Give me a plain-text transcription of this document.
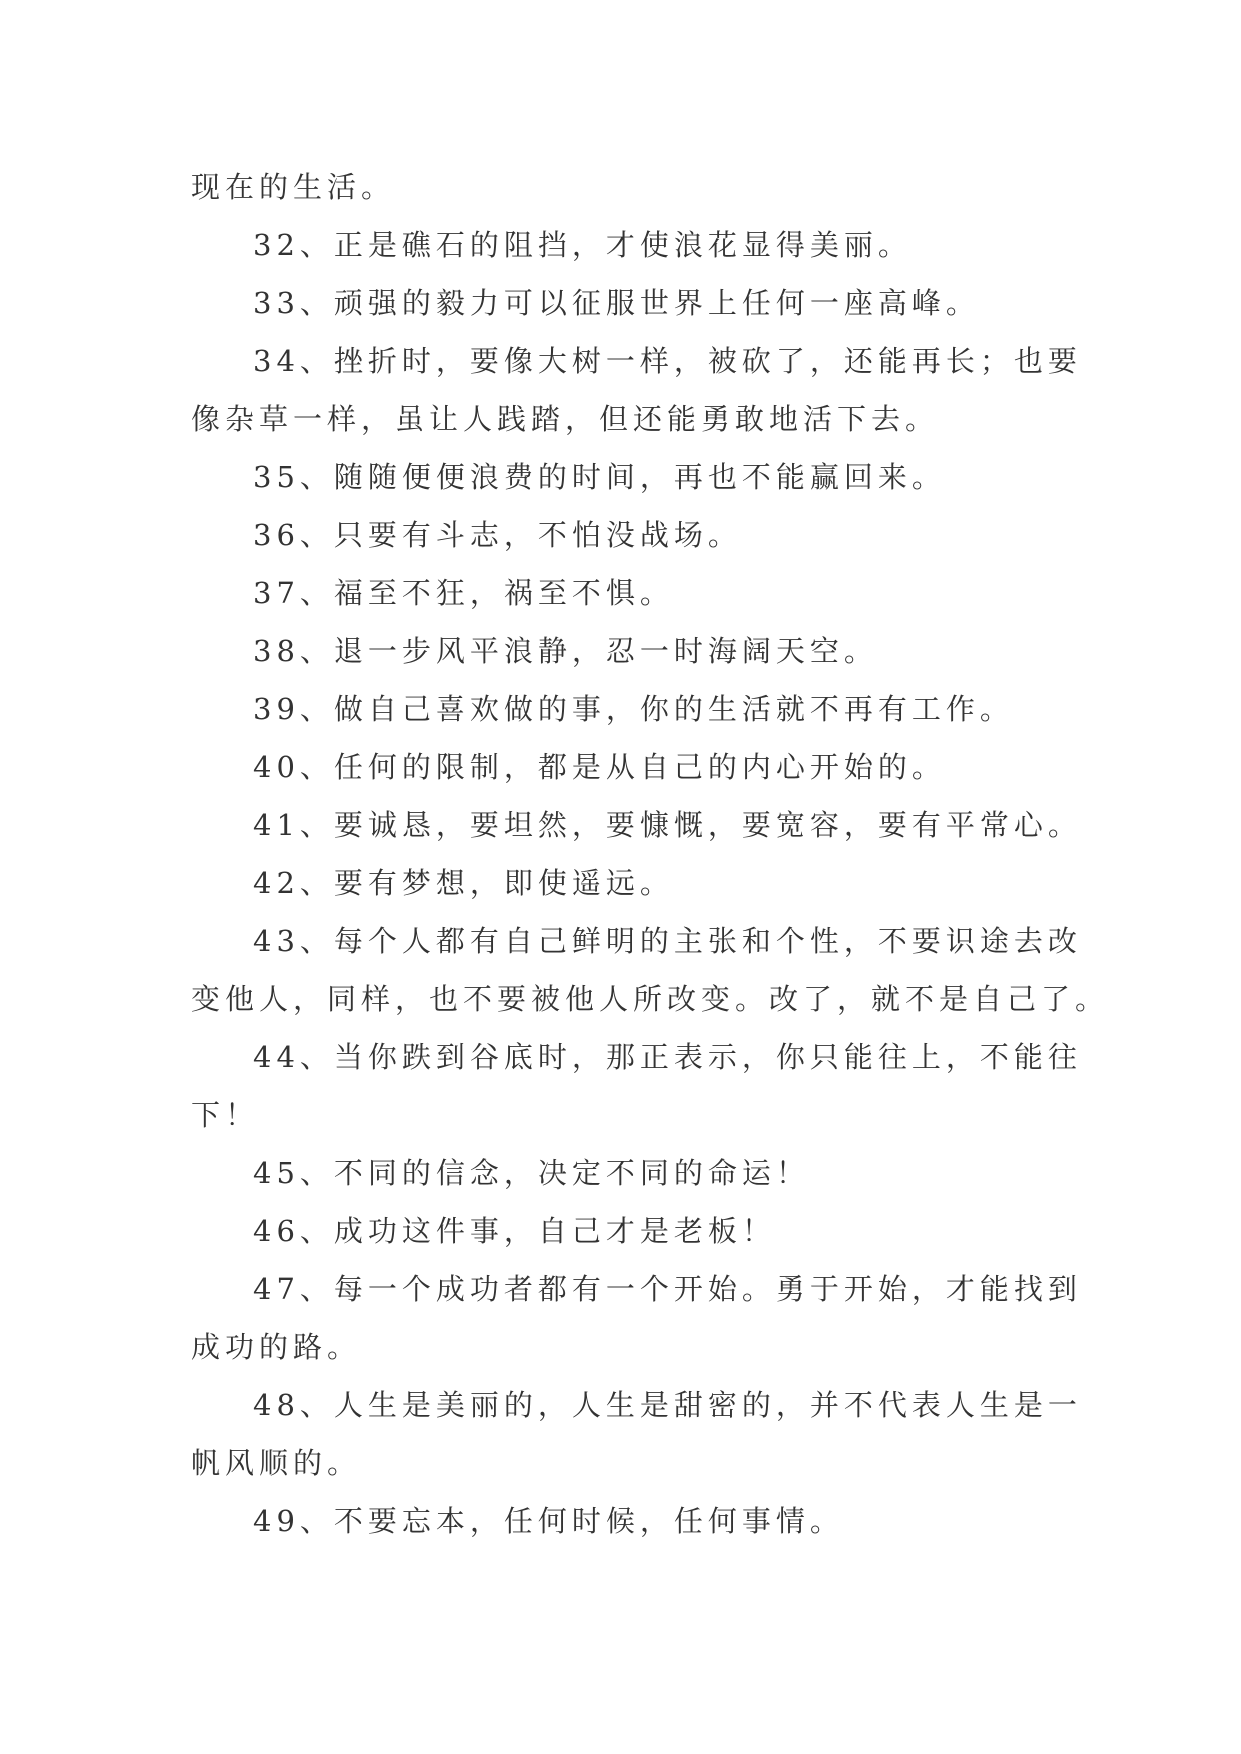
现在的生活。
32、正是礁石的阻挡，才使浪花显得美丽。
33、顽强的毅力可以征服世界上任何一座高峰。
34、挫折时，要像大树一样，被砍了，还能再长；也要
像杂草一样，虽让人践踏，但还能勇敢地活下去。
35、随随便便浪费的时间，再也不能赢回来。
36、只要有斗志，不怕没战场。
37、福至不狂，祸至不惧。
38、退一步风平浪静，忍一时海阔天空。
39、做自己喜欢做的事，你的生活就不再有工作。
40、任何的限制，都是从自己的内心开始的。
41、要诚恳，要坦然，要慷慨，要宽容，要有平常心。
42、要有梦想，即使遥远。
43、每个人都有自己鲜明的主张和个性，不要识途去改
变他人，同样，也不要被他人所改变。改了，就不是自己了。
44、当你跌到谷底时，那正表示，你只能往上，不能往
下！
45、不同的信念，决定不同的命运！
46、成功这件事，自己才是老板！
47、每一个成功者都有一个开始。勇于开始，才能找到
成功的路。
48、人生是美丽的，人生是甜密的，并不代表人生是一
帆风顺的。
49、不要忘本，任何时候，任何事情。
